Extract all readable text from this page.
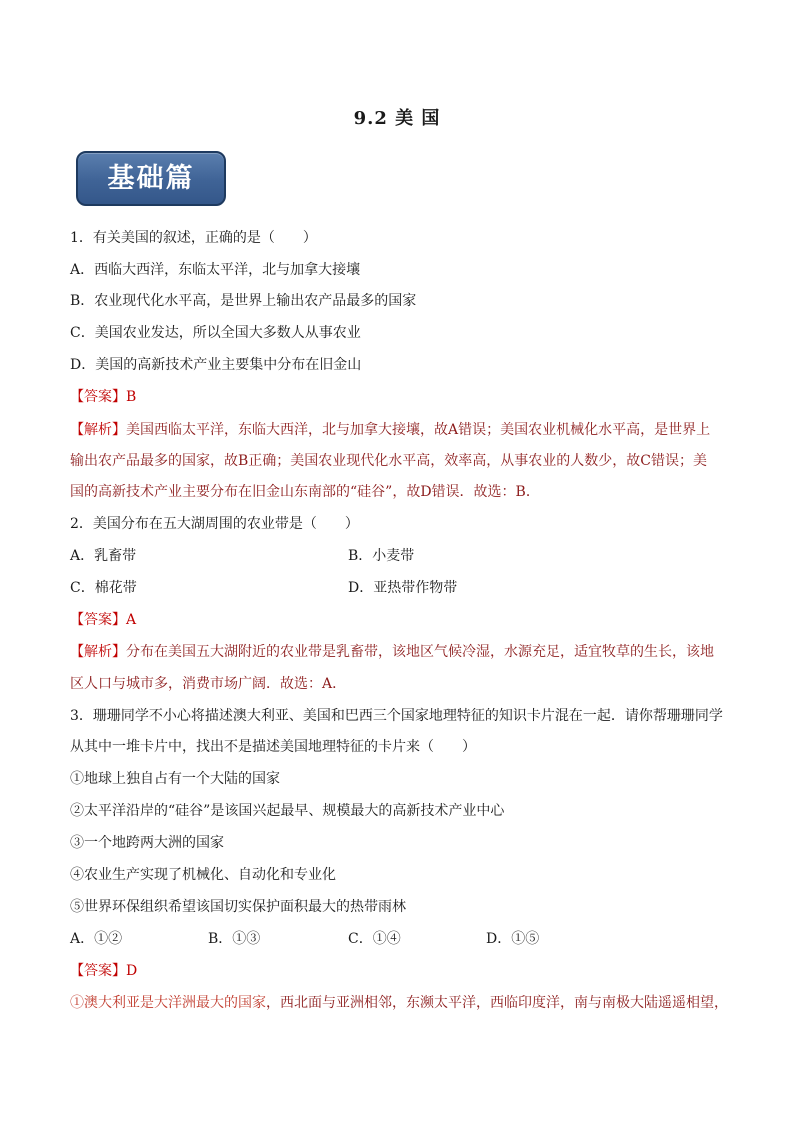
9.2 美 国
基础篇
1．有关美国的叙述，正确的是（　　）
A．西临大西洋，东临太平洋，北与加拿大接壤
B．农业现代化水平高，是世界上输出农产品最多的国家
C．美国农业发达，所以全国大多数人从事农业
D．美国的高新技术产业主要集中分布在旧金山
【答案】B
【解析】美国西临太平洋，东临大西洋，北与加拿大接壤，故A错误；美国农业机械化水平高，是世界上
输出农产品最多的国家，故B正确；美国农业现代化水平高，效率高，从事农业的人数少，故C错误；美
国的高新技术产业主要分布在旧金山东南部的“硅谷”，故D错误．故选：B．
2．美国分布在五大湖周围的农业带是（　　）
A．乳畜带	B．小麦带
C．棉花带	D．亚热带作物带
【答案】A
【解析】分布在美国五大湖附近的农业带是乳畜带，该地区气候冷湿，水源充足，适宜牧草的生长，该地
区人口与城市多，消费市场广阔．故选：A．
3．珊珊同学不小心将描述澳大利亚、美国和巴西三个国家地理特征的知识卡片混在一起．请你帮珊珊同学
从其中一堆卡片中，找出不是描述美国地理特征的卡片来（　　）
①地球上独自占有一个大陆的国家
②太平洋沿岸的“硅谷”是该国兴起最早、规模最大的高新技术产业中心
③一个地跨两大洲的国家
④农业生产实现了机械化、自动化和专业化
⑤世界环保组织希望该国切实保护面积最大的热带雨林
A．①②	B．①③	C．①④	D．①⑤
【答案】D
①澳大利亚是大洋洲最大的国家，西北面与亚洲相邻，东濒太平洋，西临印度洋，南与南极大陆遥遥相望，
